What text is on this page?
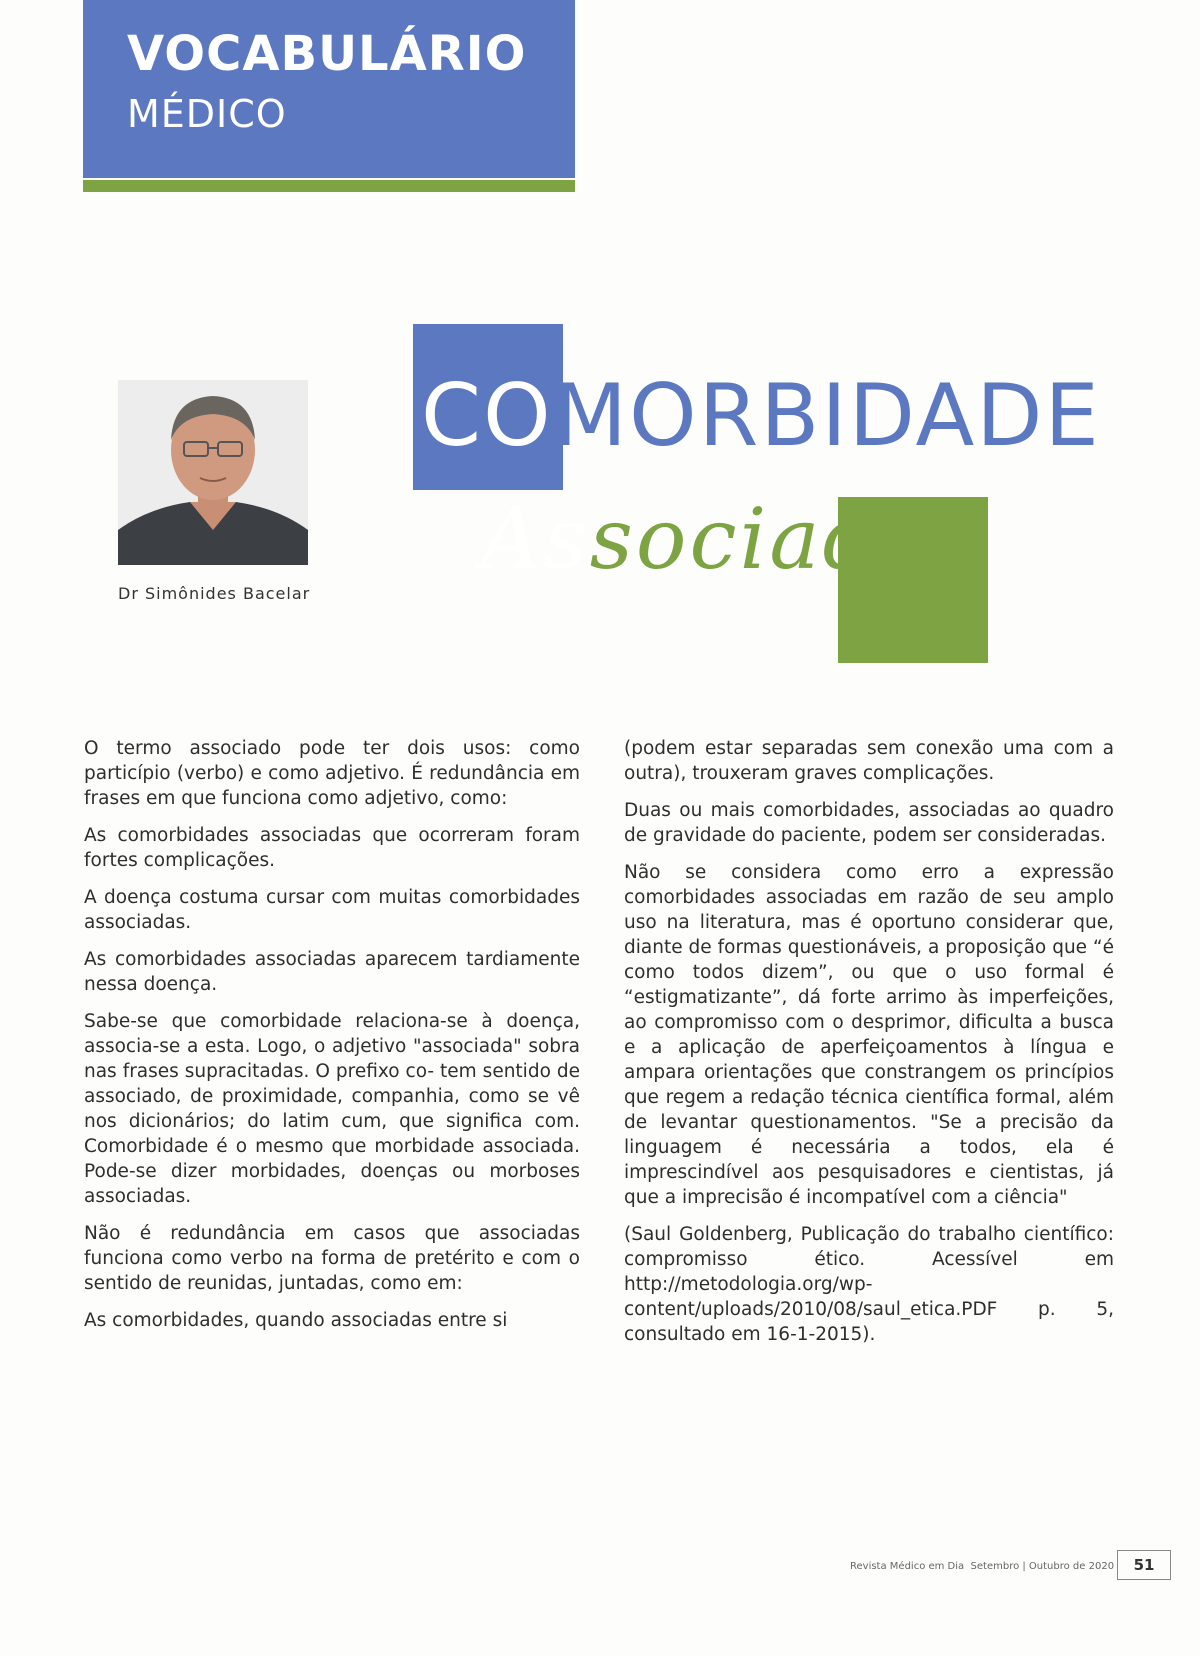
VOCABULÁRIO
MÉDICO
Dr Simônides Bacelar
COMORBIDADE
Associada

O termo associado pode ter dois usos: como particípio (verbo) e como adjetivo. É redundância em frases em que funciona como adjetivo, como:

As comorbidades associadas que ocorreram foram fortes complicações.

A doença costuma cursar com muitas comorbidades associadas.

As comorbidades associadas aparecem tardiamente nessa doença.

Sabe-se que comorbidade relaciona-se à doença, associa-se a esta. Logo, o adjetivo "associada" sobra nas frases supracitadas. O prefixo co- tem sentido de associado, de proximidade, companhia, como se vê nos dicionários; do latim cum, que significa com. Comorbidade é o mesmo que morbidade associada. Pode-se dizer morbidades, doenças ou morboses associadas.

Não é redundância em casos que associadas funciona como verbo na forma de pretérito e com o sentido de reunidas, juntadas, como em:

As comorbidades, quando associadas entre si

(podem estar separadas sem conexão uma com a outra), trouxeram graves complicações.

Duas ou mais comorbidades, associadas ao quadro de gravidade do paciente, podem ser consideradas.

Não se considera como erro a expressão comorbidades associadas em razão de seu amplo uso na literatura, mas é oportuno considerar que, diante de formas questionáveis, a proposição que “é como todos dizem”, ou que o uso formal é “estigmatizante”, dá forte arrimo às imperfeições, ao compromisso com o desprimor, dificulta a busca e a aplicação de aperfeiçoamentos à língua e ampara orientações que constrangem os princípios que regem a redação técnica científica formal, além de levantar questionamentos. "Se a precisão da linguagem é necessária a todos, ela é imprescindível aos pesquisadores e cientistas, já que a imprecisão é incompatível com a ciência"

(Saul Goldenberg, Publicação do trabalho científico: compromisso ético. Acessível em http://metodologia.org/wp-content/uploads/2010/08/saul_etica.PDF p. 5, consultado em 16-1-2015).

Revista Médico em Dia Setembro | Outubro de 2020	51
